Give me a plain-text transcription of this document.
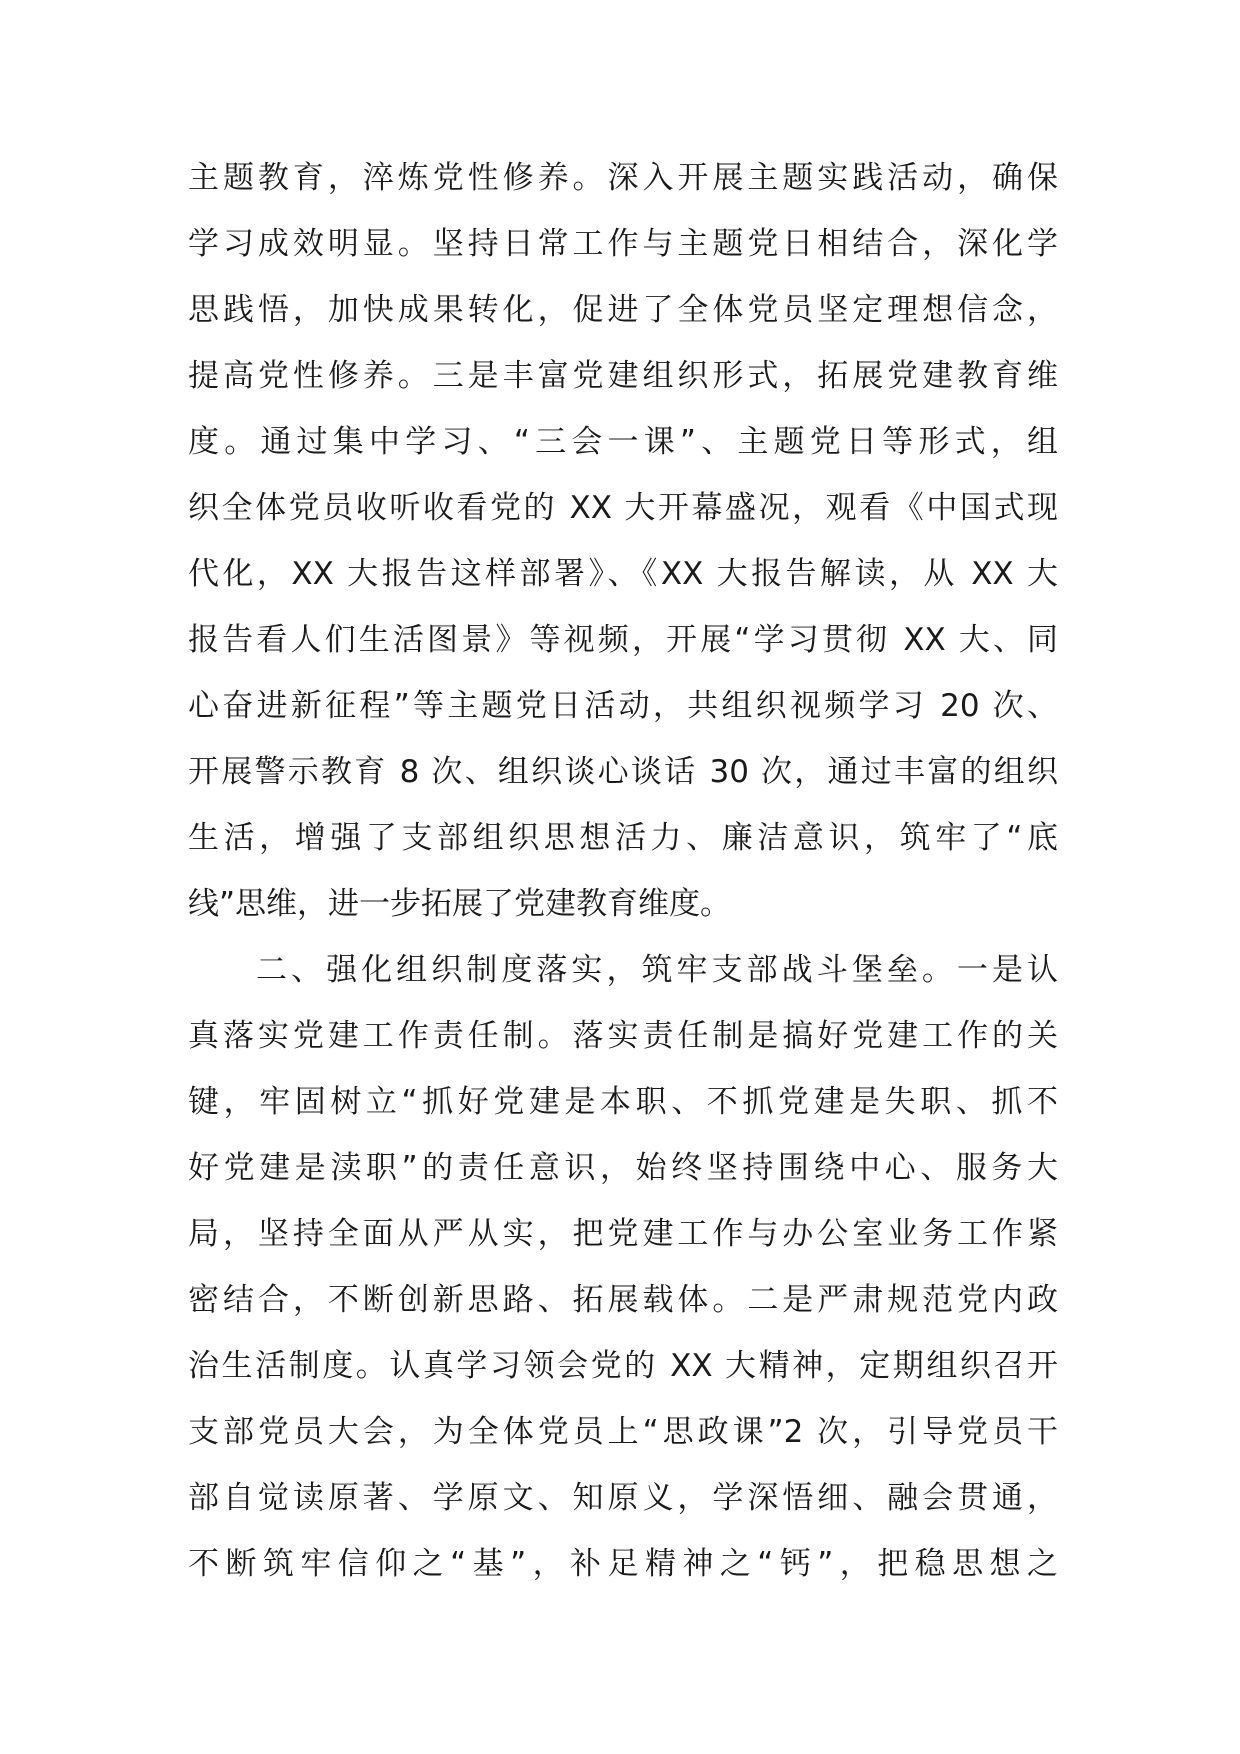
主题教育，淬炼党性修养。深入开展主题实践活动，确保
学习成效明显。坚持日常工作与主题党日相结合，深化学
思践悟，加快成果转化，促进了全体党员坚定理想信念，
提高党性修养。三是丰富党建组织形式，拓展党建教育维
度。通过集中学习、“三会一课”、主题党日等形式，组
织全体党员收听收看党的 XX 大开幕盛况，观看《中国式现
代化，XX 大报告这样部署》、《XX 大报告解读，从 XX 大
报告看人们生活图景》等视频，开展“学习贯彻 XX 大、同
心奋进新征程”等主题党日活动，共组织视频学习 20 次、
开展警示教育 8 次、组织谈心谈话 30 次，通过丰富的组织
生活，增强了支部组织思想活力、廉洁意识，筑牢了“底
线”思维，进一步拓展了党建教育维度。
二、强化组织制度落实，筑牢支部战斗堡垒。一是认
真落实党建工作责任制。落实责任制是搞好党建工作的关
键，牢固树立“抓好党建是本职、不抓党建是失职、抓不
好党建是渎职”的责任意识，始终坚持围绕中心、服务大
局，坚持全面从严从实，把党建工作与办公室业务工作紧
密结合，不断创新思路、拓展载体。二是严肃规范党内政
治生活制度。认真学习领会党的 XX 大精神，定期组织召开
支部党员大会，为全体党员上“思政课”2 次，引导党员干
部自觉读原著、学原文、知原义，学深悟细、融会贯通，
不断筑牢信仰之“基”，补足精神之“钙”，把稳思想之
